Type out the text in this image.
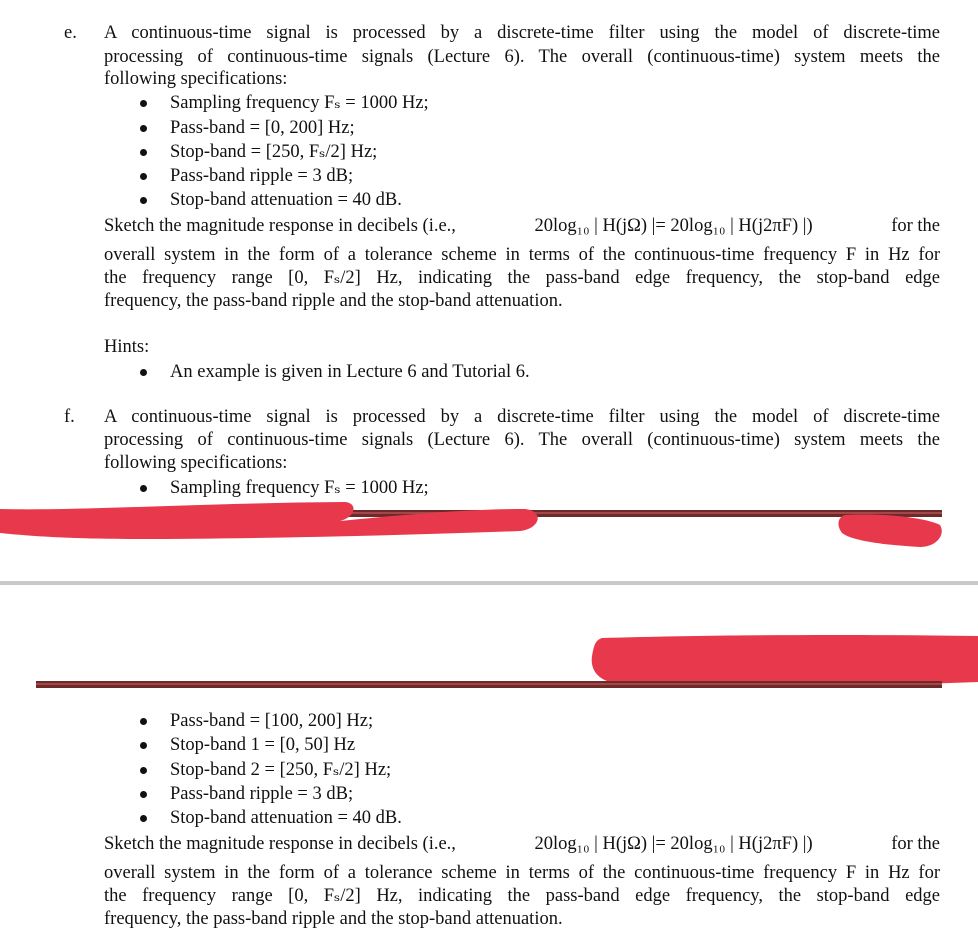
e. A continuous-time signal is processed by a discrete-time filter using the model of discrete-time
processing of continuous-time signals (Lecture 6). The overall (continuous-time) system meets the
following specifications:
Sampling frequency Fₛ = 1000 Hz;
Pass-band = [0, 200] Hz;
Stop-band = [250, Fₛ/2] Hz;
Pass-band ripple = 3 dB;
Stop-band attenuation = 40 dB.
Sketch the magnitude response in decibels (i.e.,	20log₁₀ | H(jΩ) |= 20log₁₀ | H(j2πF) |)	for the
overall system in the form of a tolerance scheme in terms of the continuous-time frequency F in Hz for
the frequency range [0, Fₛ/2] Hz, indicating the pass-band edge frequency, the stop-band edge
frequency, the pass-band ripple and the stop-band attenuation.
Hints:
An example is given in Lecture 6 and Tutorial 6.
f. A continuous-time signal is processed by a discrete-time filter using the model of discrete-time
processing of continuous-time signals (Lecture 6). The overall (continuous-time) system meets the
following specifications:
Sampling frequency Fₛ = 1000 Hz;
Pass-band = [100, 200] Hz;
Stop-band 1 = [0, 50] Hz
Stop-band 2 = [250, Fₛ/2] Hz;
Pass-band ripple = 3 dB;
Stop-band attenuation = 40 dB.
Sketch the magnitude response in decibels (i.e.,	20log₁₀ | H(jΩ) |= 20log₁₀ | H(j2πF) |)	for the
overall system in the form of a tolerance scheme in terms of the continuous-time frequency F in Hz for
the frequency range [0, Fₛ/2] Hz, indicating the pass-band edge frequency, the stop-band edge
frequency, the pass-band ripple and the stop-band attenuation.
